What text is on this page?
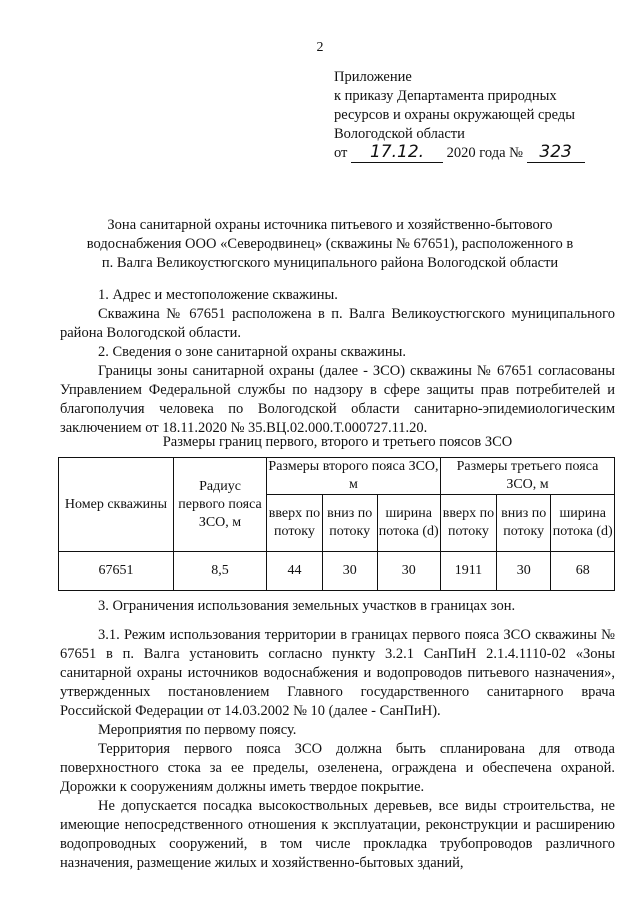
2
Приложение
к приказу Департамента природных
ресурсов и охраны окружающей среды
Вологодской области
от 17.12. 2020 года № 323
Зона санитарной охраны источника питьевого и хозяйственно-бытового
водоснабжения ООО «Северодвинец» (скважины № 67651), расположенного в
п. Валга Великоустюгского муниципального района Вологодской области

1. Адрес и местоположение скважины.

Скважина № 67651 расположена в п. Валга Великоустюгского муниципального района Вологодской области.

2. Сведения о зоне санитарной охраны скважины.

Границы зоны санитарной охраны (далее - ЗСО) скважины № 67651 согласованы Управлением Федеральной службы по надзору в сфере защиты прав потребителей и благополучия человека по Вологодской области санитарно-эпидемиологическим заключением от 18.11.2020 № 35.ВЦ.02.000.Т.000727.11.20.

Размеры границ первого, второго и третьего поясов ЗСО
Номер скважины	Радиус первого пояса ЗСО, м	Размеры второго пояса ЗСО, м			Размеры третьего пояса ЗСО, м		
		вверх по потоку	вниз по потоку	ширина потока (d)	вверх по потоку	вниз по потоку	ширина потока (d)
67651	8,5	44	30	30	1911	30	68

3. Ограничения использования земельных участков в границах зон.

3.1. Режим использования территории в границах первого пояса ЗСО скважины № 67651 в п. Валга установить согласно пункту 3.2.1 СанПиН 2.1.4.1110-02 «Зоны санитарной охраны источников водоснабжения и водопроводов питьевого назначения», утвержденных постановлением Главного государственного санитарного врача Российской Федерации от 14.03.2002 № 10 (далее - СанПиН).

Мероприятия по первому поясу.

Территория первого пояса ЗСО должна быть спланирована для отвода поверхностного стока за ее пределы, озеленена, ограждена и обеспечена охраной. Дорожки к сооружениям должны иметь твердое покрытие.

Не допускается посадка высокоствольных деревьев, все виды строительства, не имеющие непосредственного отношения к эксплуатации, реконструкции и расширению водопроводных сооружений, в том числе прокладка трубопроводов различного назначения, размещение жилых и хозяйственно-бытовых зданий,
